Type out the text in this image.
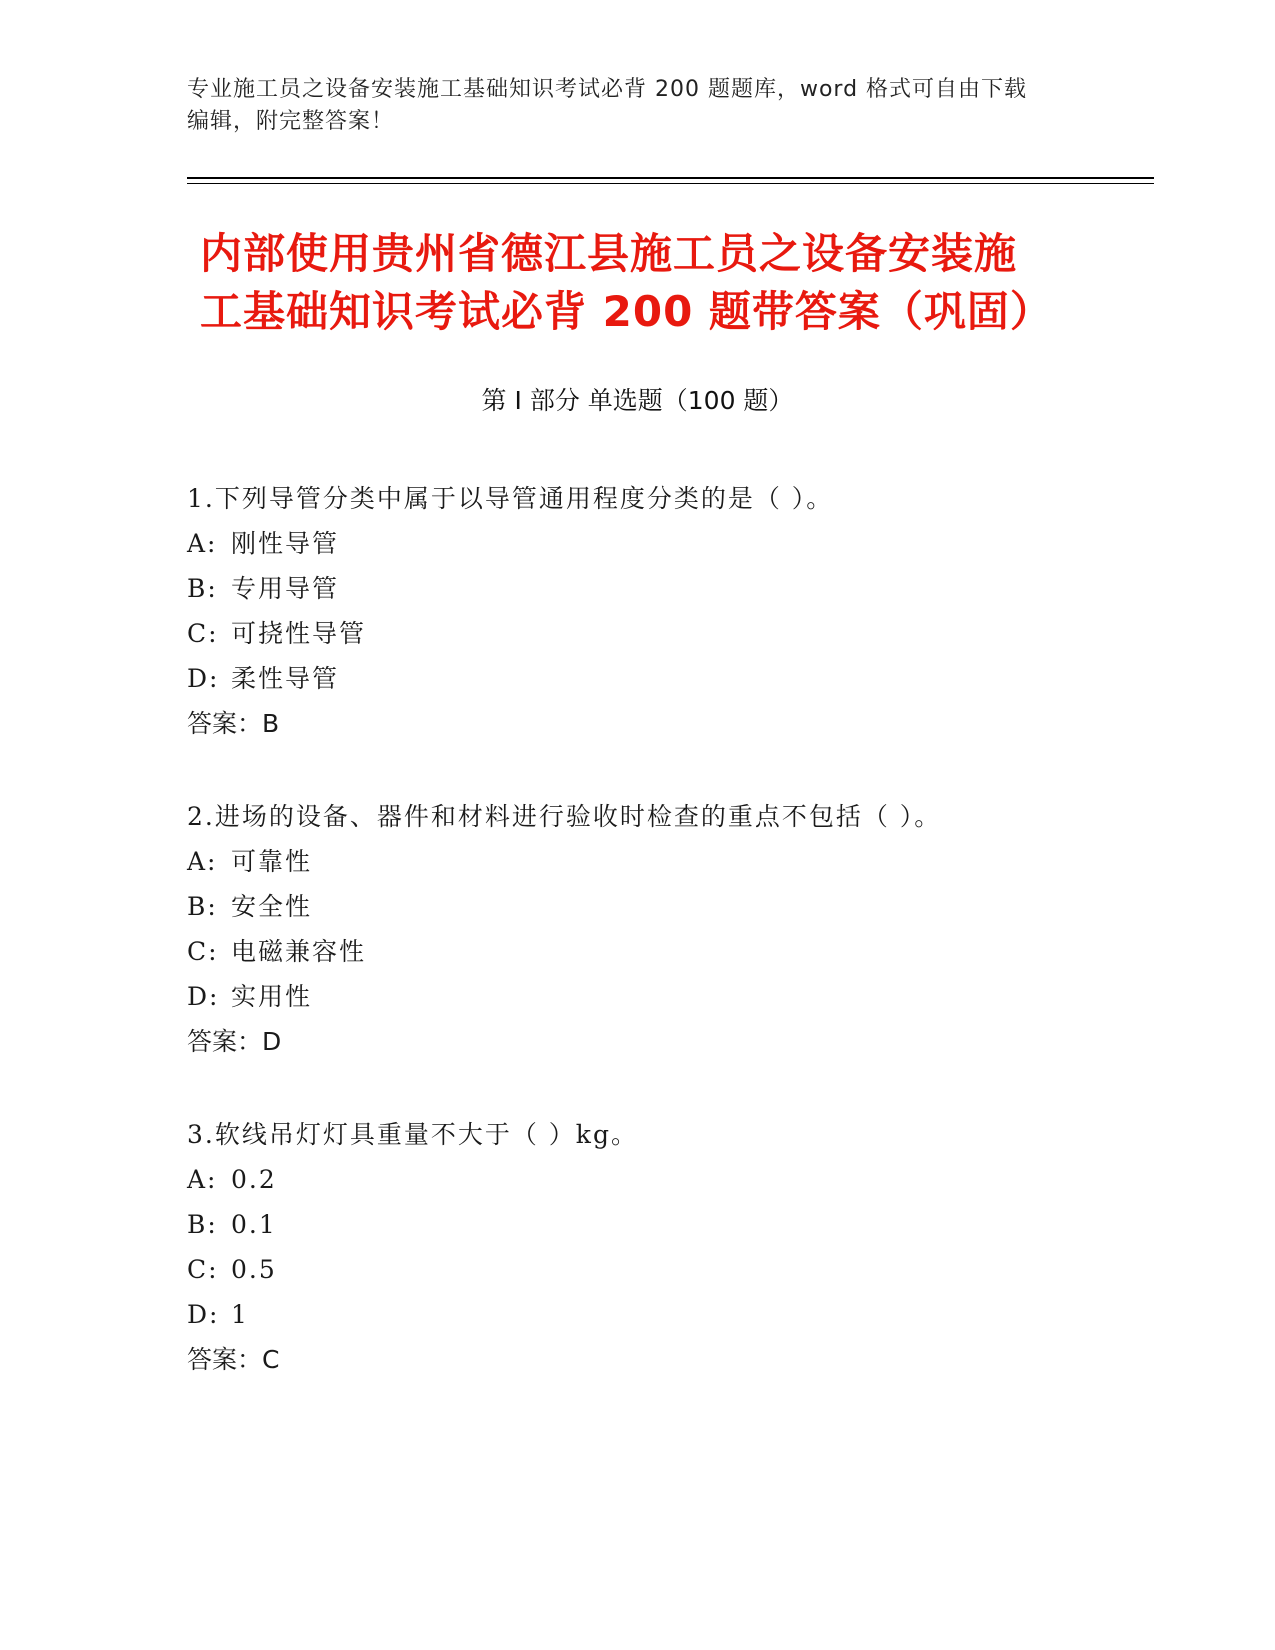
专业施工员之设备安装施工基础知识考试必背 200 题题库，word 格式可自由下载
编辑，附完整答案！
内部使用贵州省德江县施工员之设备安装施
工基础知识考试必背 200 题带答案（巩固）
第 I 部分 单选题（100 题）
1.下列导管分类中属于以导管通用程度分类的是（ ）。
A: 刚性导管
B: 专用导管
C: 可挠性导管
D: 柔性导管
答案：B
2.进场的设备、器件和材料进行验收时检查的重点不包括（ ）。
A: 可靠性
B: 安全性
C: 电磁兼容性
D: 实用性
答案：D
3.软线吊灯灯具重量不大于（ ）kg。
A: 0.2
B: 0.1
C: 0.5
D: 1
答案：C
